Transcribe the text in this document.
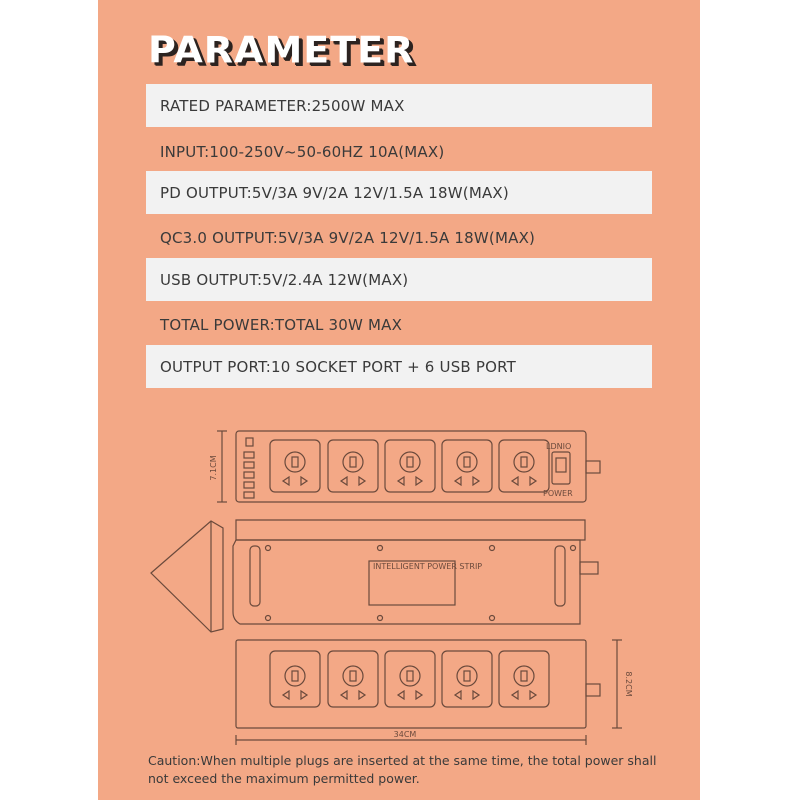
PARAMETER
RATED PARAMETER:2500W MAX
INPUT:100-250V~50-60HZ 10A(MAX)
PD OUTPUT:5V/3A 9V/2A 12V/1.5A 18W(MAX)
QC3.0 OUTPUT:5V/3A 9V/2A 12V/1.5A 18W(MAX)
USB OUTPUT:5V/2.4A 12W(MAX)
TOTAL POWER:TOTAL 30W MAX
OUTPUT PORT:10 SOCKET PORT + 6 USB PORT
LDNIO
POWER
INTELLIGENT POWER STRIP
7.1CM
8.2CM
34CM
Caution:When multiple plugs are inserted at the same time, the total power shall not exceed the maximum permitted power.
